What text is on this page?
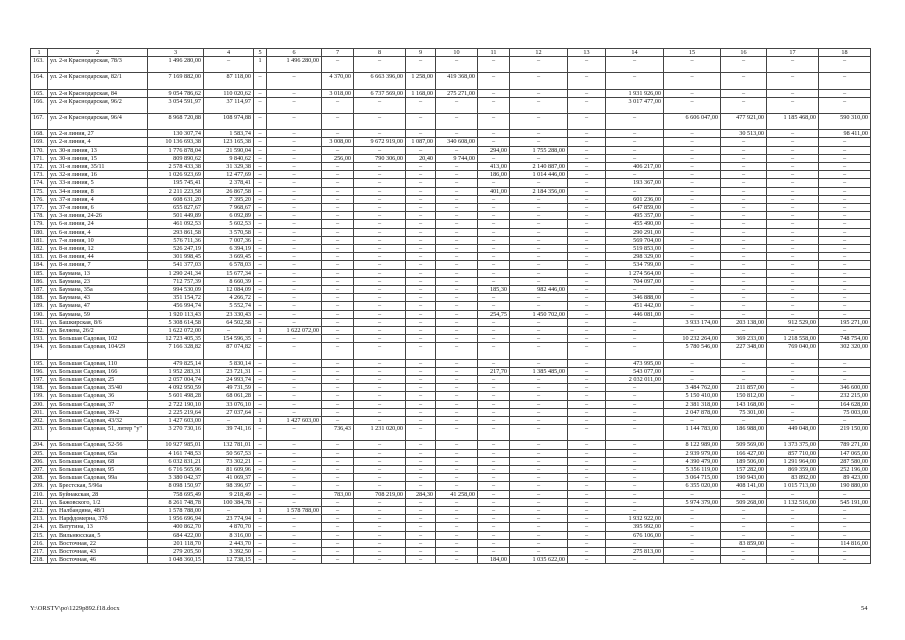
1	2	3	4	5	6	7	8	9	10	11	12	13	14	15	16	17	18
163.	ул. 2-я Краснодарская, 78/3	1 496 280,00	–	1	1 496 280,00	–	–	–	–	–	–	–	–	–	–	–	–
164.	ул. 2-я Краснодарская, 82/1	7 169 882,00	87 118,00	–	–	4 370,00	6 663 396,00	1 258,00	419 368,00	–	–	–	–	–	–	–	–
165.	ул. 2-я Краснодарская, 84	9 054 786,62	110 020,62	–	–	3 018,00	6 737 569,00	1 168,00	275 271,00	–	–	–	1 931 926,00	–	–	–	–
166.	ул. 2-я Краснодарская, 96/2	3 054 591,97	37 114,97	–	–	–	–	–	–	–	–	–	3 017 477,00	–	–	–	–
167.	ул. 2-я Краснодарская, 96/4	8 968 720,88	108 974,88	–	–	–	–	–	–	–	–	–	–	6 606 047,00	477 921,00	1 185 468,00	590 310,00
168.	ул. 2-я линия, 27	130 307,74	1 583,74	–	–	–	–	–	–	–	–	–	–	–	30 513,00	–	98 411,00
169.	ул. 2-я линия, 4	10 136 693,38	123 165,38	–	–	3 008,00	9 672 919,00	1 087,00	340 608,00	–	–	–	–	–	–	–	–
170.	ул. 30-я линия, 13	1 776 878,04	21 590,04	–	–	–	–	–	–	294,00	1 755 288,00	–	–	–	–	–	–
171.	ул. 30-я линия, 15	809 890,62	9 840,62	–	–	256,00	790 306,00	20,40	9 744,00	–	–	–	–	–	–	–	–
172.	ул. 31-я линия, 35/11	2 578 433,38	31 329,38	–	–	–	–	–	–	413,00	2 140 887,00	–	406 217,00	–	–	–	–
173.	ул. 32-я линия, 16	1 026 923,69	12 477,69	–	–	–	–	–	–	186,00	1 014 446,00	–	–	–	–	–	–
174.	ул. 33-я линия, 5	195 745,41	2 378,41	–	–	–	–	–	–	–	–	–	193 367,00	–	–	–	–
175.	ул. 34-я линия, 8	2 211 223,58	26 867,58	–	–	–	–	–	–	401,00	2 184 356,00	–	–	–	–	–	–
176.	ул. 37-я линия, 4	608 631,20	7 395,20	–	–	–	–	–	–	–	–	–	601 236,00	–	–	–	–
177.	ул. 37-я линия, 6	655 827,67	7 968,67	–	–	–	–	–	–	–	–	–	647 859,00	–	–	–	–
178.	ул. 3-я линия, 24-26	501 449,89	6 092,89	–	–	–	–	–	–	–	–	–	495 357,00	–	–	–	–
179.	ул. 6-я линия, 24	461 092,53	5 602,53	–	–	–	–	–	–	–	–	–	455 490,00	–	–	–	–
180.	ул. 6-я линия, 4	293 861,58	3 570,58	–	–	–	–	–	–	–	–	–	290 291,00	–	–	–	–
181.	ул. 7-я линия, 10	576 711,36	7 007,36	–	–	–	–	–	–	–	–	–	569 704,00	–	–	–	–
182.	ул. 8-я линия, 12	526 247,19	6 394,19	–	–	–	–	–	–	–	–	–	519 853,00	–	–	–	–
183.	ул. 8-я линия, 44	301 998,45	3 669,45	–	–	–	–	–	–	–	–	–	298 329,00	–	–	–	–
184.	ул. 8-я линия, 7	541 377,03	6 578,03	–	–	–	–	–	–	–	–	–	534 799,00	–	–	–	–
185.	ул. Баумана, 13	1 290 241,34	15 677,34	–	–	–	–	–	–	–	–	–	1 274 564,00	–	–	–	–
186.	ул. Баумана, 23	712 757,39	8 660,39	–	–	–	–	–	–	–	–	–	704 097,00	–	–	–	–
187.	ул. Баумана, 35а	994 530,09	12 084,09	–	–	–	–	–	–	185,30	982 446,00	–	–	–	–	–	–
188.	ул. Баумана, 43	351 154,72	4 266,72	–	–	–	–	–	–	–	–	–	346 888,00	–	–	–	–
189.	ул. Баумана, 47	456 994,74	5 552,74	–	–	–	–	–	–	–	–	–	451 442,00	–	–	–	–
190.	ул. Баумана, 59	1 920 113,43	23 330,43	–	–	–	–	–	–	254,75	1 450 702,00	–	446 081,00	–	–	–	–
191.	ул. Башкирская, 8/6	5 308 614,58	64 502,58	–	–	–	–	–	–	–	–	–	–	3 933 174,00	203 138,00	912 529,00	195 271,00
192.	ул. Беляева, 26/2	1 622 072,00	–	1	1 622 072,00	–	–	–	–	–	–	–	–	–	–	–	–
193.	ул. Большая Садовая, 102	12 723 405,35	154 596,35	–	–	–	–	–	–	–	–	–	–	10 232 264,00	369 233,00	1 218 558,00	748 754,00
194.	ул. Большая Садовая, 104/29	7 166 328,82	87 074,82	–	–	–	–	–	–	–	–	–	–	5 780 546,00	227 348,00	769 040,00	302 320,00
195.	ул. Большая Садовая, 110	479 825,14	5 830,14	–	–	–	–	–	–	–	–	–	473 995,00	–	–	–	–
196.	ул. Большая Садовая, 166	1 952 283,31	23 721,31	–	–	–	–	–	–	217,70	1 385 485,00	–	543 077,00	–	–	–	–
197.	ул. Большая Садовая, 25	2 057 004,74	24 993,74	–	–	–	–	–	–	–	–	–	2 032 011,00	–	–	–	–
198.	ул. Большая Садовая, 35/40	4 092 950,59	49 731,59	–	–	–	–	–	–	–	–	–	–	3 484 762,00	211 857,00	–	346 600,00
199.	ул. Большая Садовая, 36	5 601 498,28	68 061,28	–	–	–	–	–	–	–	–	–	–	5 150 410,00	150 812,00	–	232 215,00
200.	ул. Большая Садовая, 37	2 722 190,10	33 076,10	–	–	–	–	–	–	–	–	–	–	2 381 318,00	143 168,00	–	164 628,00
201.	ул. Большая Садовая, 39-2	2 225 219,64	27 037,64	–	–	–	–	–	–	–	–	–	–	2 047 878,00	75 301,00	–	75 003,00
202.	ул. Большая Садовая, 43/32	1 427 603,00	–	1	1 427 603,00	–	–	–	–	–	–	–	–	–	–	–	–
203.	ул. Большая Садовая, 51, литер "у"	3 270 730,16	39 741,16	–	–	736,43	1 231 020,00	–	–	–	–	–	–	1 144 783,00	186 988,00	449 048,00	219 150,00
204.	ул. Большая Садовая, 52-56	10 927 985,01	132 781,01	–	–	–	–	–	–	–	–	–	–	8 122 989,00	509 569,00	1 373 375,00	789 271,00
205.	ул. Большая Садовая, 65а	4 161 748,53	50 567,53	–	–	–	–	–	–	–	–	–	–	2 939 979,00	166 427,00	857 710,00	147 065,00
206.	ул. Большая Садовая, 68	6 032 831,21	73 302,21	–	–	–	–	–	–	–	–	–	–	4 390 479,00	189 506,00	1 291 964,00	287 580,00
207.	ул. Большая Садовая, 95	6 716 565,96	81 609,96	–	–	–	–	–	–	–	–	–	–	5 356 119,00	157 282,00	869 359,00	252 196,00
208.	ул. Большая Садовая, 99а	3 380 042,37	41 069,37	–	–	–	–	–	–	–	–	–	–	3 064 715,00	190 943,00	83 892,00	89 423,00
209.	ул. Брестская, 5/96а	8 098 150,97	98 396,97	–	–	–	–	–	–	–	–	–	–	6 355 020,00	408 141,00	1 015 713,00	190 880,00
210.	ул. Буйнакская, 28	758 695,49	9 218,49	–	–	783,00	708 219,00	284,30	41 258,00	–	–	–	–	–	–	–	–
211.	ул. Бажовского, 1/2	8 261 748,78	100 384,78	–	–	–	–	–	–	–	–	–	–	5 974 379,00	509 268,00	1 132 516,00	545 191,00
212.	ул. Налбандяна, 48/1	1 578 788,00	–	1	1 578 788,00	–	–	–	–	–	–	–	–	–	–	–	–
213.	ул. Нарфдомерна, 37б	1 956 696,94	23 774,94	–	–	–	–	–	–	–	–	–	1 932 922,00	–	–	–	–
214.	ул. Ватутина, 13	400 862,70	4 870,70	–	–	–	–	–	–	–	–	–	395 992,00	–	–	–	–
215.	ул. Вильнюсская, 5	684 422,00	8 316,00	–	–	–	–	–	–	–	–	–	676 106,00	–	–	–	–
216.	ул. Восточная, 22	201 118,70	2 443,70	–	–	–	–	–	–	–	–	–	–	–	83 859,00	–	114 816,00
217.	ул. Восточная, 43	279 205,50	3 392,50	–	–	–	–	–	–	–	–	–	275 813,00	–	–	–	–
218.	ул. Восточная, 46	1 048 360,15	12 738,15	–	–	–	–	–	–	184,00	1 035 622,00	–	–	–	–	–	–
Y:\ORSTV\po\1229p892.f18.docx	54
